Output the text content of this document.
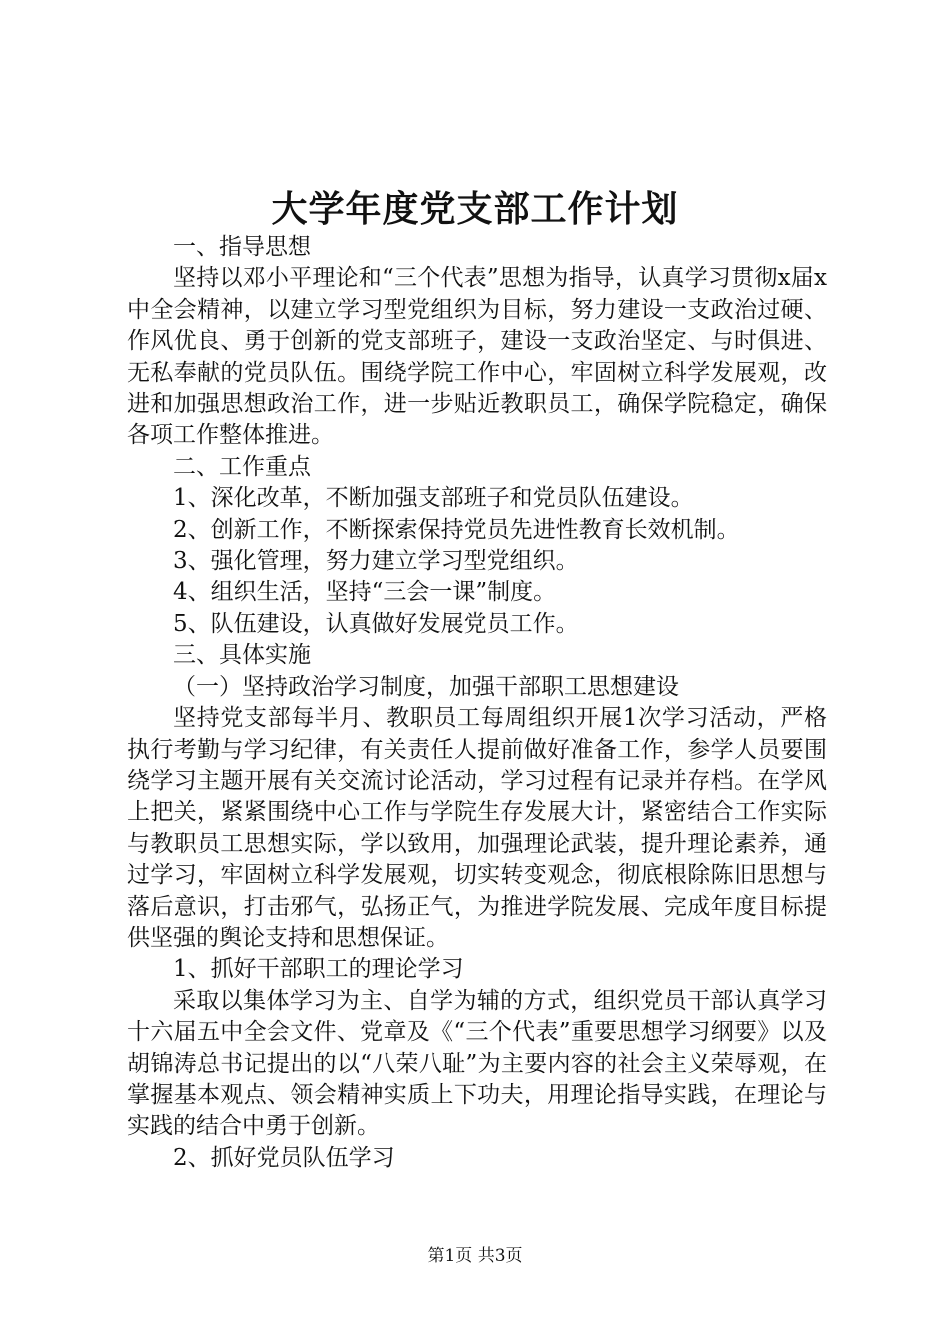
大学年度党支部工作计划
一、指导思想

坚持以邓小平理论和“三个代表”思想为指导，认真学习贯彻x届x中全会精神，以建立学习型党组织为目标，努力建设一支政治过硬、作风优良、勇于创新的党支部班子，建设一支政治坚定、与时俱进、无私奉献的党员队伍。围绕学院工作中心，牢固树立科学发展观，改进和加强思想政治工作，进一步贴近教职员工，确保学院稳定，确保各项工作整体推进。

二、工作重点
1、深化改革，不断加强支部班子和党员队伍建设。
2、创新工作，不断探索保持党员先进性教育长效机制。
3、强化管理，努力建立学习型党组织。
4、组织生活，坚持“三会一课”制度。
5、队伍建设，认真做好发展党员工作。
三、具体实施
（一）坚持政治学习制度，加强干部职工思想建设

坚持党支部每半月、教职员工每周组织开展1次学习活动，严格执行考勤与学习纪律，有关责任人提前做好准备工作，参学人员要围绕学习主题开展有关交流讨论活动，学习过程有记录并存档。在学风上把关，紧紧围绕中心工作与学院生存发展大计，紧密结合工作实际与教职员工思想实际，学以致用，加强理论武装，提升理论素养，通过学习，牢固树立科学发展观，切实转变观念，彻底根除陈旧思想与落后意识，打击邪气，弘扬正气，为推进学院发展、完成年度目标提供坚强的舆论支持和思想保证。

1、抓好干部职工的理论学习

采取以集体学习为主、自学为辅的方式，组织党员干部认真学习十六届五中全会文件、党章及《“三个代表”重要思想学习纲要》以及胡锦涛总书记提出的以“八荣八耻”为主要内容的社会主义荣辱观，在掌握基本观点、领会精神实质上下功夫，用理论指导实践，在理论与实践的结合中勇于创新。

2、抓好党员队伍学习
第1页 共3页
